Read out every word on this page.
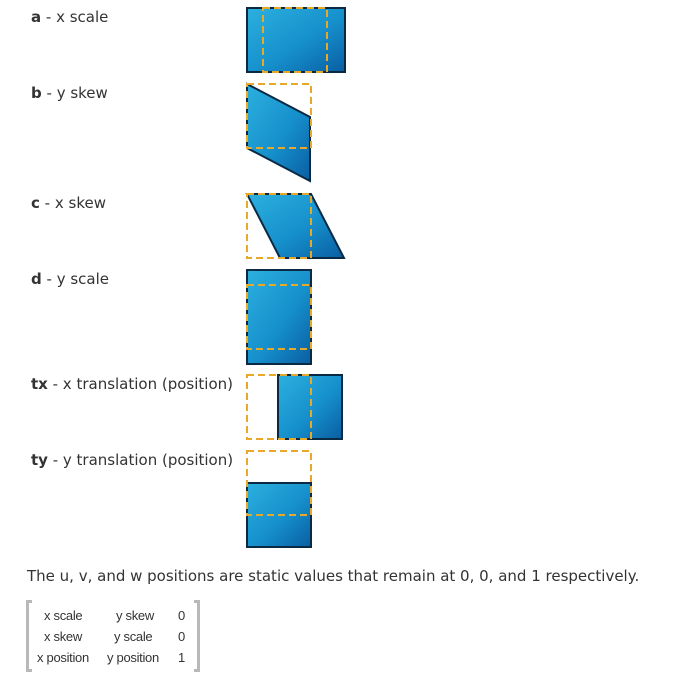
a - x scale
b - y skew
c - x skew
d - y scale
tx - x translation (position)
ty - y translation (position)
The u, v, and w positions are static values that remain at 0, 0, and 1 respectively.
x scale	y skew 0
x skew y scale 0
x position y position 1
